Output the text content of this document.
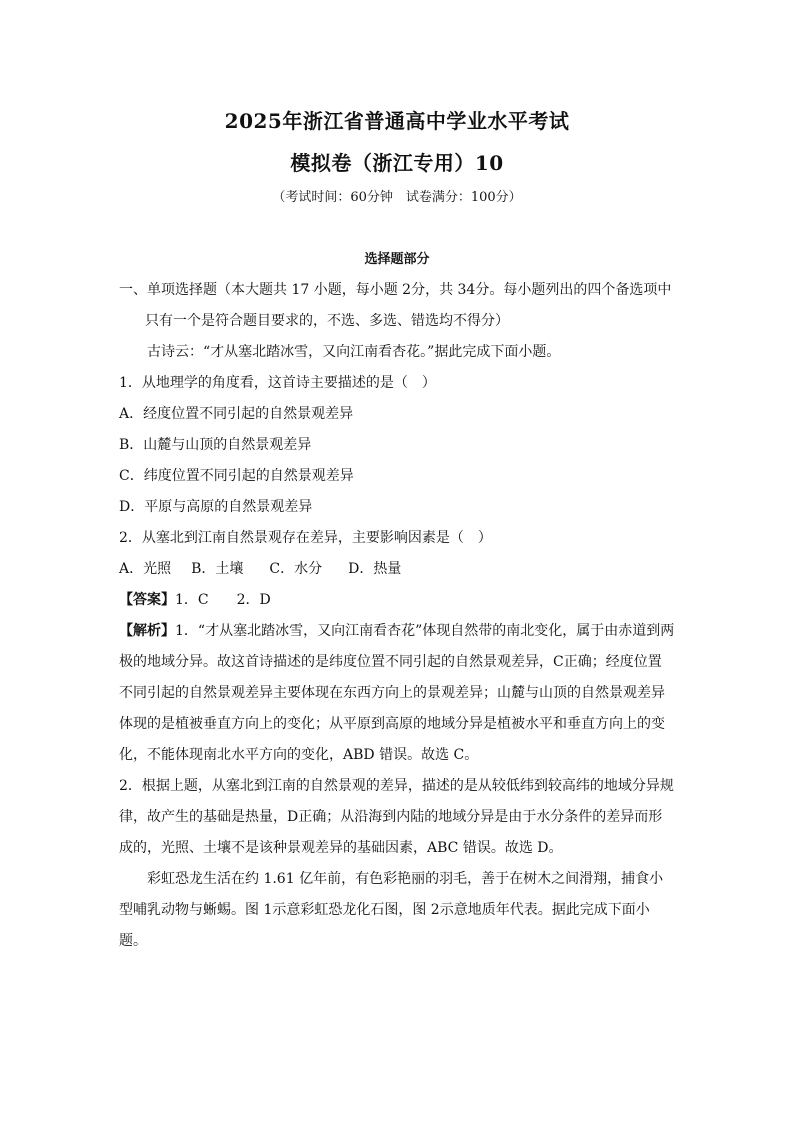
2025年浙江省普通高中学业水平考试
模拟卷（浙江专用）10
（考试时间：60分钟　试卷满分：100分）
选择题部分

一、单项选择题（本大题共 17 小题，每小题 2分，共 34分。每小题列出的四个备选项中

只有一个是符合题目要求的，不选、多选、错选均不得分）

古诗云：“才从塞北踏冰雪，又向江南看杏花。”据此完成下面小题。

1．从地理学的角度看，这首诗主要描述的是（　）

A．经度位置不同引起的自然景观差异

B．山麓与山顶的自然景观差异

C．纬度位置不同引起的自然景观差异

D．平原与高原的自然景观差异

2．从塞北到江南自然景观存在差异，主要影响因素是（　）

A．光照 B．土壤 C．水分 D．热量

【答案】1．C　　2．D

【解析】1．“才从塞北踏冰雪，又向江南看杏花”体现自然带的南北变化，属于由赤道到两

极的地域分异。故这首诗描述的是纬度位置不同引起的自然景观差异，C正确；经度位置

不同引起的自然景观差异主要体现在东西方向上的景观差异；山麓与山顶的自然景观差异

体现的是植被垂直方向上的变化；从平原到高原的地域分异是植被水平和垂直方向上的变

化，不能体现南北水平方向的变化，ABD 错误。故选 C。

2．根据上题，从塞北到江南的自然景观的差异，描述的是从较低纬到较高纬的地域分异规

律，故产生的基础是热量，D正确；从沿海到内陆的地域分异是由于水分条件的差异而形

成的，光照、土壤不是该种景观差异的基础因素，ABC 错误。故选 D。

彩虹恐龙生活在约 1.61 亿年前，有色彩艳丽的羽毛，善于在树木之间滑翔，捕食小

型哺乳动物与蜥蜴。图 1示意彩虹恐龙化石图，图 2示意地质年代表。据此完成下面小

题。
